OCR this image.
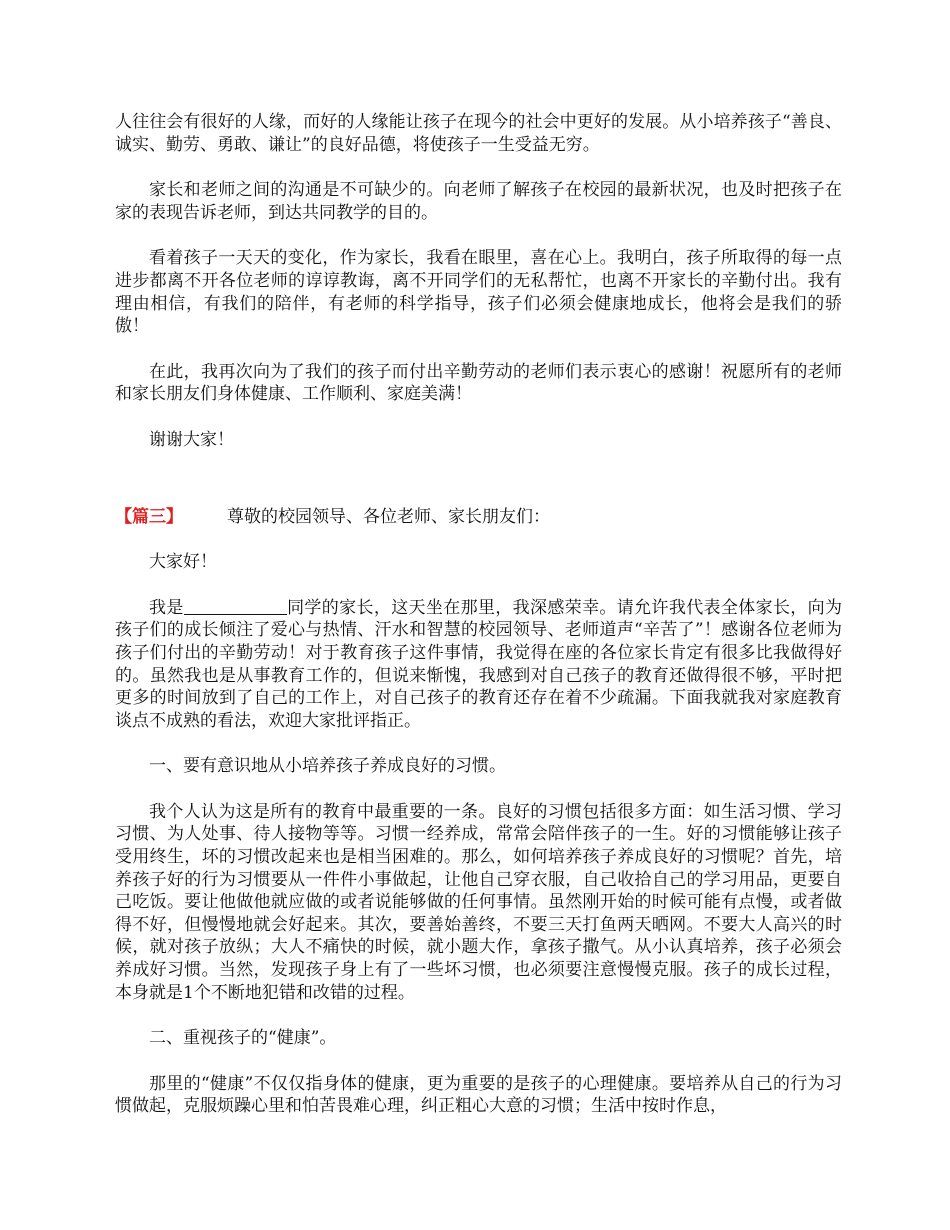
人往往会有很好的人缘，而好的人缘能让孩子在现今的社会中更好的发展。从小培养孩子“善良、诚实、勤劳、勇敢、谦让”的良好品德，将使孩子一生受益无穷。

家长和老师之间的沟通是不可缺少的。向老师了解孩子在校园的最新状况，也及时把孩子在家的表现告诉老师，到达共同教学的目的。

看着孩子一天天的变化，作为家长，我看在眼里，喜在心上。我明白，孩子所取得的每一点进步都离不开各位老师的谆谆教诲，离不开同学们的无私帮忙，也离不开家长的辛勤付出。我有理由相信，有我们的陪伴，有老师的科学指导，孩子们必须会健康地成长，他将会是我们的骄傲！

在此，我再次向为了我们的孩子而付出辛勤劳动的老师们表示衷心的感谢！祝愿所有的老师和家长朋友们身体健康、工作顺利、家庭美满！

谢谢大家！

【篇三】	尊敬的校园领导、各位老师、家长朋友们：

大家好！

我是	同学的家长，这天坐在那里，我深感荣幸。请允许我代表全体家长，向为孩子们的成长倾注了爱心与热情、汗水和智慧的校园领导、老师道声“辛苦了”！感谢各位老师为孩子们付出的辛勤劳动！对于教育孩子这件事情，我觉得在座的各位家长肯定有很多比我做得好的。虽然我也是从事教育工作的，但说来惭愧，我感到对自己孩子的教育还做得很不够，平时把更多的时间放到了自己的工作上，对自己孩子的教育还存在着不少疏漏。下面我就我对家庭教育谈点不成熟的看法，欢迎大家批评指正。

一、要有意识地从小培养孩子养成良好的习惯。

我个人认为这是所有的教育中最重要的一条。良好的习惯包括很多方面：如生活习惯、学习习惯、为人处事、待人接物等等。习惯一经养成，常常会陪伴孩子的一生。好的习惯能够让孩子受用终生，坏的习惯改起来也是相当困难的。那么，如何培养孩子养成良好的习惯呢？首先，培养孩子好的行为习惯要从一件件小事做起，让他自己穿衣服，自己收拾自己的学习用品，更要自己吃饭。要让他做他就应做的或者说能够做的任何事情。虽然刚开始的时候可能有点慢，或者做得不好，但慢慢地就会好起来。其次，要善始善终，不要三天打鱼两天晒网。不要大人高兴的时候，就对孩子放纵；大人不痛快的时候，就小题大作，拿孩子撒气。从小认真培养，孩子必须会养成好习惯。当然，发现孩子身上有了一些坏习惯，也必须要注意慢慢克服。孩子的成长过程，本身就是1个不断地犯错和改错的过程。

二、重视孩子的“健康”。

那里的“健康”不仅仅指身体的健康，更为重要的是孩子的心理健康。要培养从自己的行为习惯做起，克服烦躁心里和怕苦畏难心理，纠正粗心大意的习惯；生活中按时作息，
